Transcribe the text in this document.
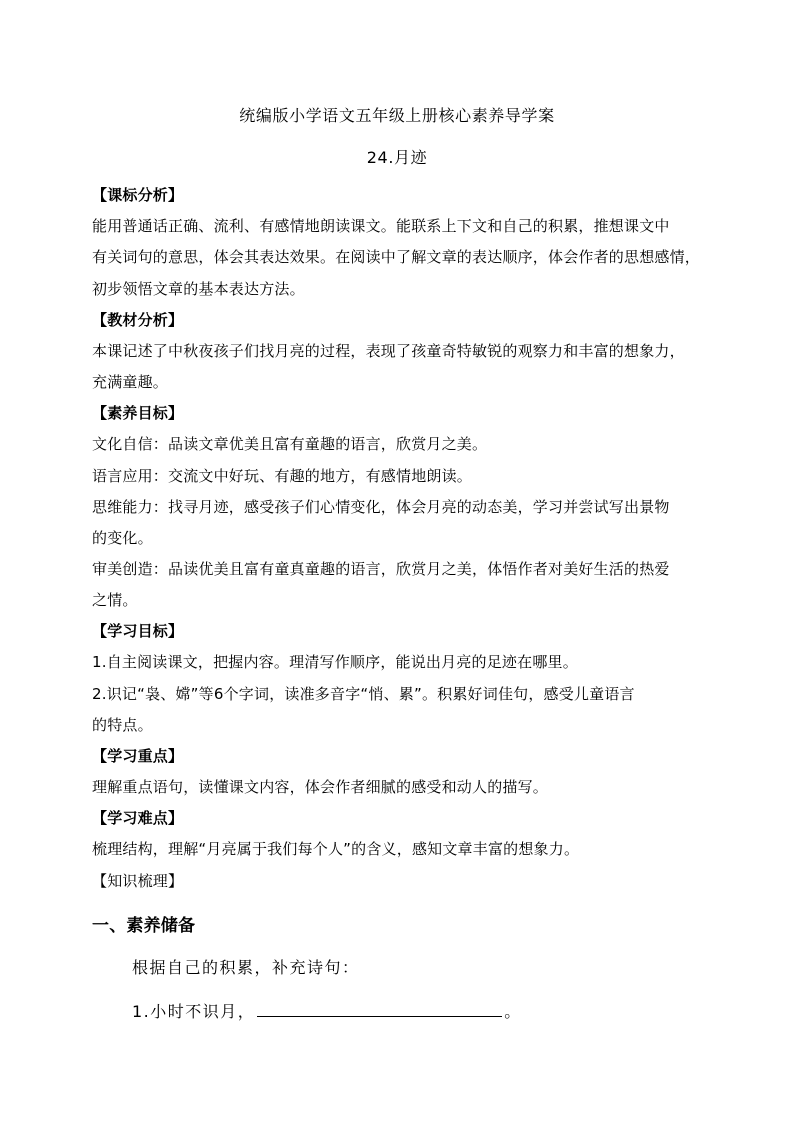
统编版小学语文五年级上册核心素养导学案
24.月迹
【课标分析】
能用普通话正确、流利、有感情地朗读课文。能联系上下文和自己的积累，推想课文中
有关词句的意思，体会其表达效果。在阅读中了解文章的表达顺序，体会作者的思想感情，
初步领悟文章的基本表达方法。
【教材分析】
本课记述了中秋夜孩子们找月亮的过程，表现了孩童奇特敏锐的观察力和丰富的想象力，
充满童趣。
【素养目标】
文化自信：品读文章优美且富有童趣的语言，欣赏月之美。
语言应用：交流文中好玩、有趣的地方，有感情地朗读。
思维能力：找寻月迹，感受孩子们心情变化，体会月亮的动态美，学习并尝试写出景物
的变化。
审美创造：品读优美且富有童真童趣的语言，欣赏月之美，体悟作者对美好生活的热爱
之情。
【学习目标】
1.自主阅读课文，把握内容。理清写作顺序，能说出月亮的足迹在哪里。
2.识记“袅、嫦”等6个字词，读准多音字“悄、累”。积累好词佳句，感受儿童语言
的特点。
【学习重点】
理解重点语句，读懂课文内容，体会作者细腻的感受和动人的描写。
【学习难点】
梳理结构，理解“月亮属于我们每个人”的含义，感知文章丰富的想象力。
【知识梳理】
一、素养储备
根据自己的积累，补充诗句：
1.小时不识月，	。
